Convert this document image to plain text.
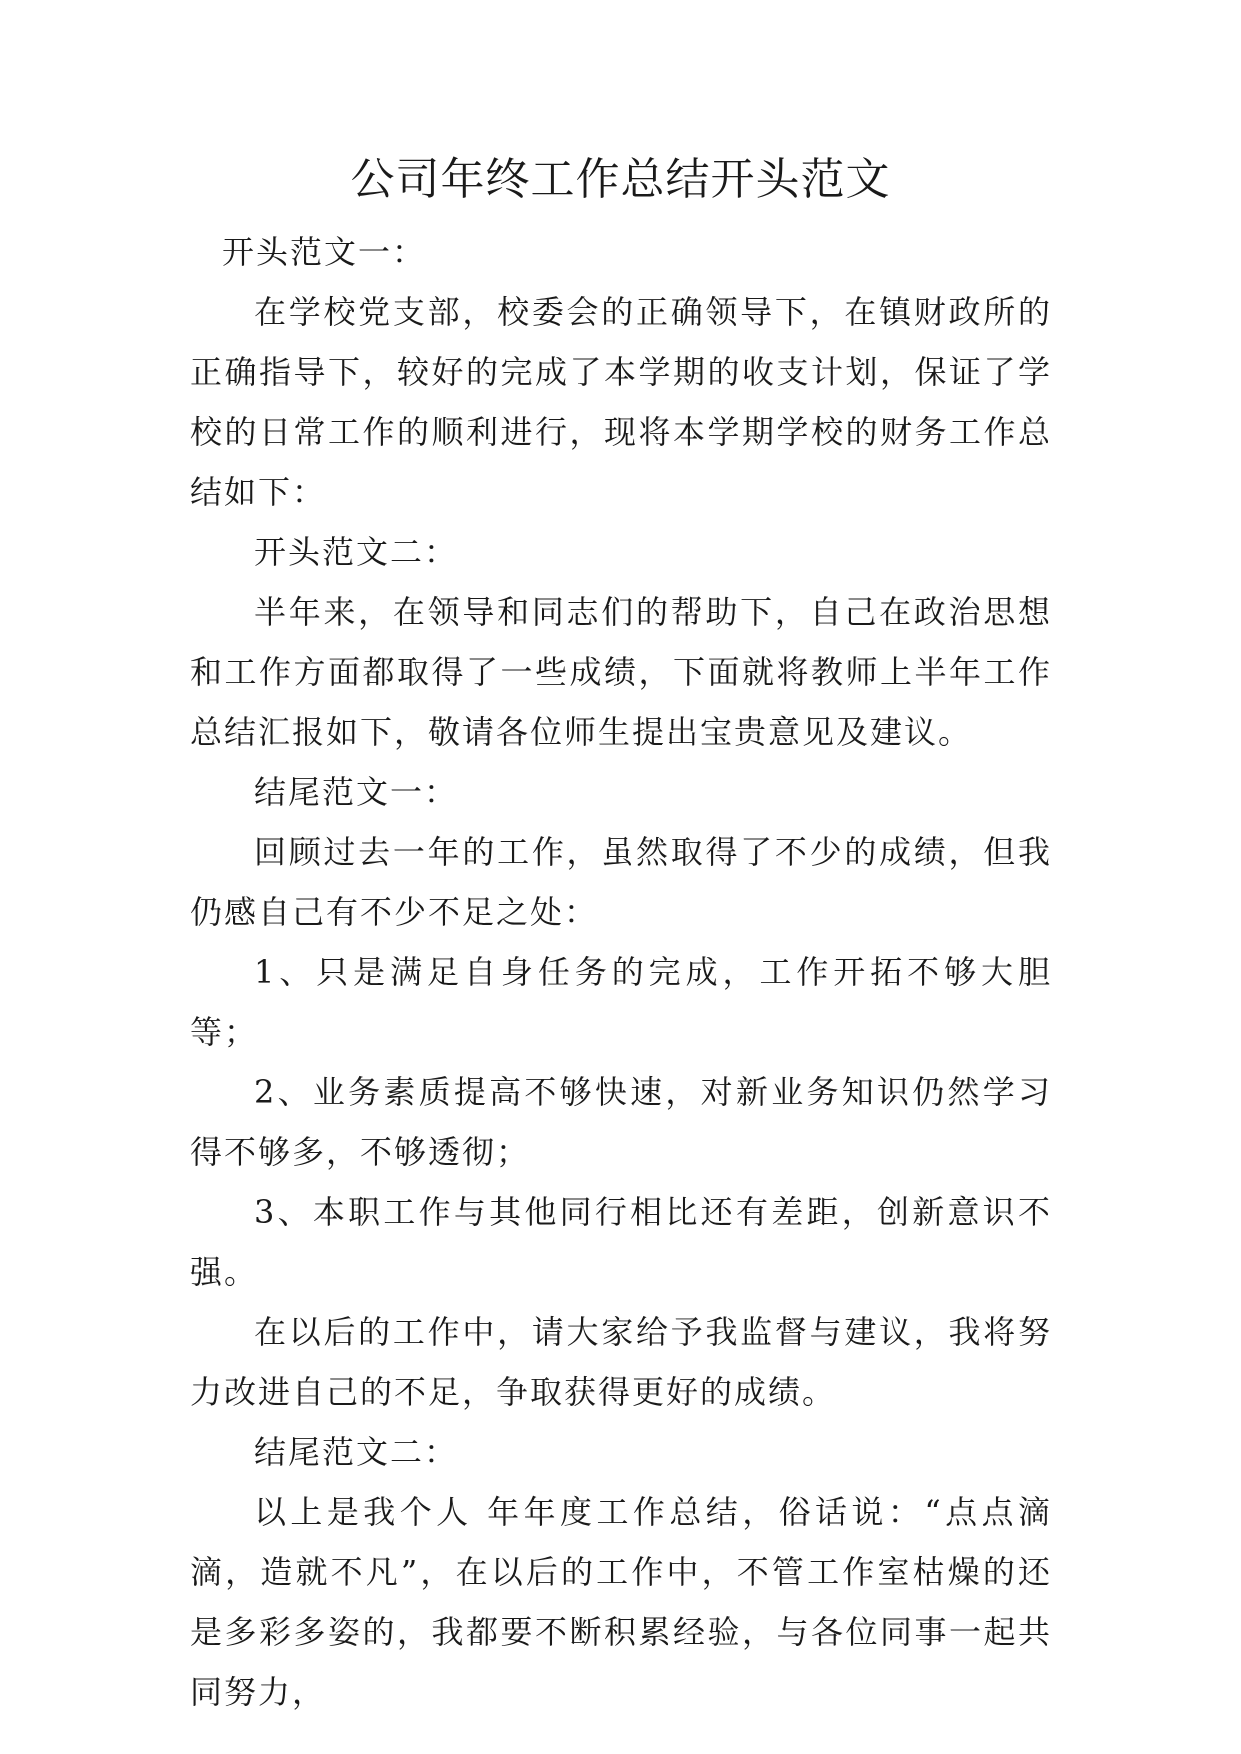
公司年终工作总结开头范文

开头范文一：

在学校党支部，校委会的正确领导下，在镇财政所的正确指导下，较好的完成了本学期的收支计划，保证了学校的日常工作的顺利进行，现将本学期学校的财务工作总结如下：

开头范文二：

半年来，在领导和同志们的帮助下，自己在政治思想和工作方面都取得了一些成绩，下面就将教师上半年工作总结汇报如下，敬请各位师生提出宝贵意见及建议。

结尾范文一：

回顾过去一年的工作，虽然取得了不少的成绩，但我仍感自己有不少不足之处：

1、只是满足自身任务的完成，工作开拓不够大胆等；

2、业务素质提高不够快速，对新业务知识仍然学习得不够多，不够透彻；

3、本职工作与其他同行相比还有差距，创新意识不强。

在以后的工作中，请大家给予我监督与建议，我将努力改进自己的不足，争取获得更好的成绩。

结尾范文二：

以上是我个人 年年度工作总结，俗话说：“点点滴滴，造就不凡”，在以后的工作中，不管工作室枯燥的还是多彩多姿的，我都要不断积累经验，与各位同事一起共同努力，
